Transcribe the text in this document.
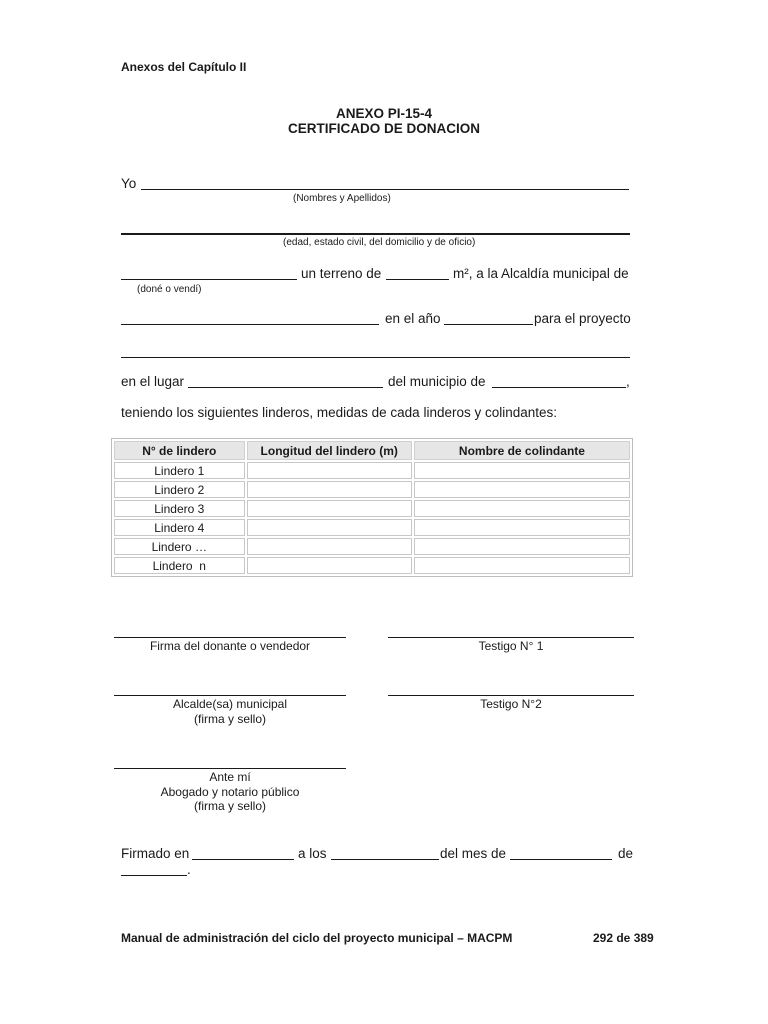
Anexos del Capítulo II
ANEXO PI-15-4
CERTIFICADO DE DONACION
Yo
(Nombres y Apellidos)
(edad, estado civil, del domicilio y de oficio)
un terreno de	m², a la Alcaldía municipal de
(doné o vendí)
en el año	para el proyecto
en el lugar	del municipio de	,
teniendo los siguientes linderos, medidas de cada linderos y colindantes:
N° de lindero	Longitud del lindero (m)	Nombre de colindante
Lindero 1		
Lindero 2		
Lindero 3		
Lindero 4		
Lindero …		
Lindero  n		
Firma del donante o vendedor	Testigo N° 1
Alcalde(sa) municipal
(firma y sello)
Testigo N°2
Ante mí
Abogado y notario público
(firma y sello)
Firmado en	a los	del mes de	de
.
Manual de administración del ciclo del proyecto municipal – MACPM	292 de 389
